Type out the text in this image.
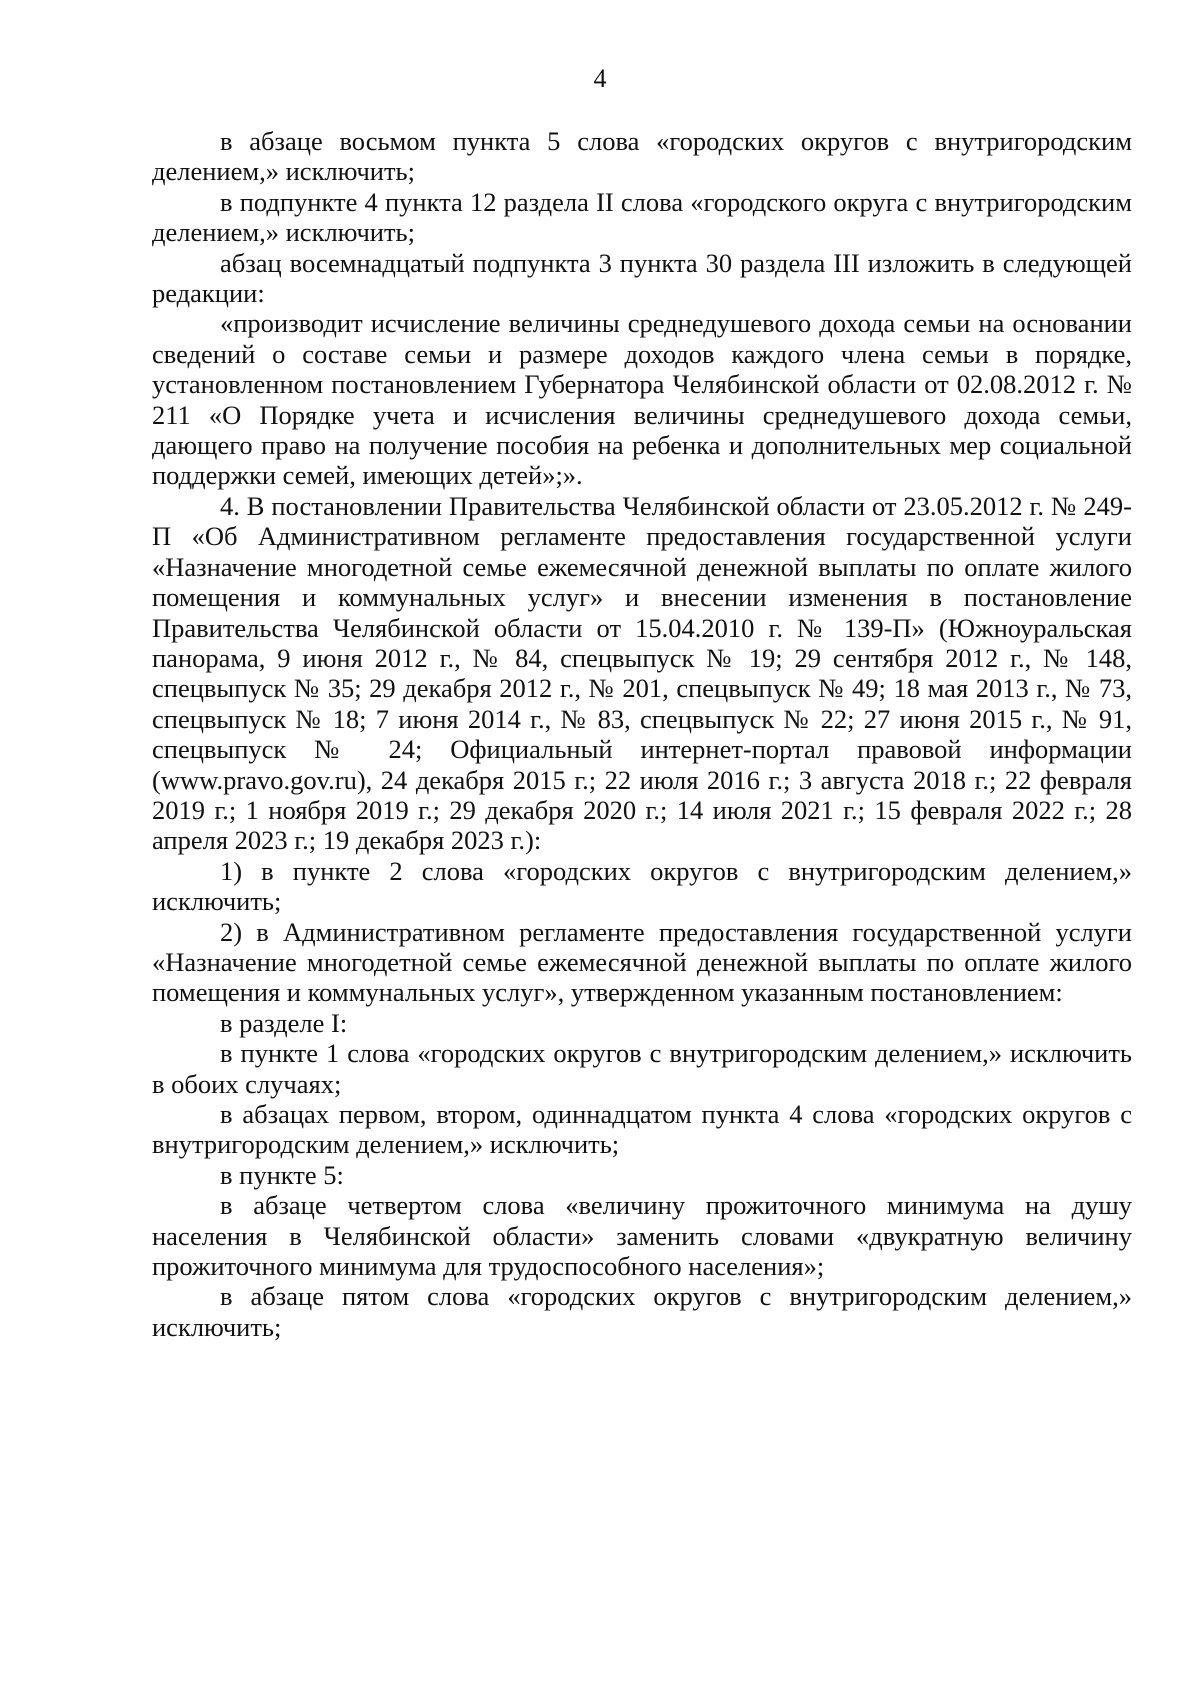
4

в абзаце восьмом пункта 5 слова «городских округов с внутригородским делением,» исключить;

в подпункте 4 пункта 12 раздела II слова «городского округа с внутригородским делением,» исключить;

абзац восемнадцатый подпункта 3 пункта 30 раздела III изложить в следующей редакции:

«производит исчисление величины среднедушевого дохода семьи на основании сведений о составе семьи и размере доходов каждого члена семьи в порядке, установленном постановлением Губернатора Челябинской области от 02.08.2012 г. № 211 «О Порядке учета и исчисления величины среднедушевого дохода семьи, дающего право на получение пособия на ребенка и дополнительных мер социальной поддержки семей, имеющих детей»;».

4. В постановлении Правительства Челябинской области от 23.05.2012 г. № 249-П «Об Административном регламенте предоставления государственной услуги «Назначение многодетной семье ежемесячной денежной выплаты по оплате жилого помещения и коммунальных услуг» и внесении изменения в постановление Правительства Челябинской области от 15.04.2010 г. № 139-П» (Южноуральская панорама, 9 июня 2012 г., № 84, спецвыпуск № 19; 29 сентября 2012 г., № 148, спецвыпуск № 35; 29 декабря 2012 г., № 201, спецвыпуск № 49; 18 мая 2013 г., № 73, спецвыпуск № 18; 7 июня 2014 г., № 83, спецвыпуск № 22; 27 июня 2015 г., № 91, спецвыпуск № 24; Официальный интернет-портал правовой информации (www.pravo.gov.ru), 24 декабря 2015 г.; 22 июля 2016 г.; 3 августа 2018 г.; 22 февраля 2019 г.; 1 ноября 2019 г.; 29 декабря 2020 г.; 14 июля 2021 г.; 15 февраля 2022 г.; 28 апреля 2023 г.; 19 декабря 2023 г.):

1) в пункте 2 слова «городских округов с внутригородским делением,» исключить;

2) в Административном регламенте предоставления государственной услуги «Назначение многодетной семье ежемесячной денежной выплаты по оплате жилого помещения и коммунальных услуг», утвержденном указанным постановлением:

в разделе I:

в пункте 1 слова «городских округов с внутригородским делением,» исключить в обоих случаях;

в абзацах первом, втором, одиннадцатом пункта 4 слова «городских округов с внутригородским делением,» исключить;

в пункте 5:

в абзаце четвертом слова «величину прожиточного минимума на душу населения в Челябинской области» заменить словами «двукратную величину прожиточного минимума для трудоспособного населения»;

в абзаце пятом слова «городских округов с внутригородским делением,» исключить;
